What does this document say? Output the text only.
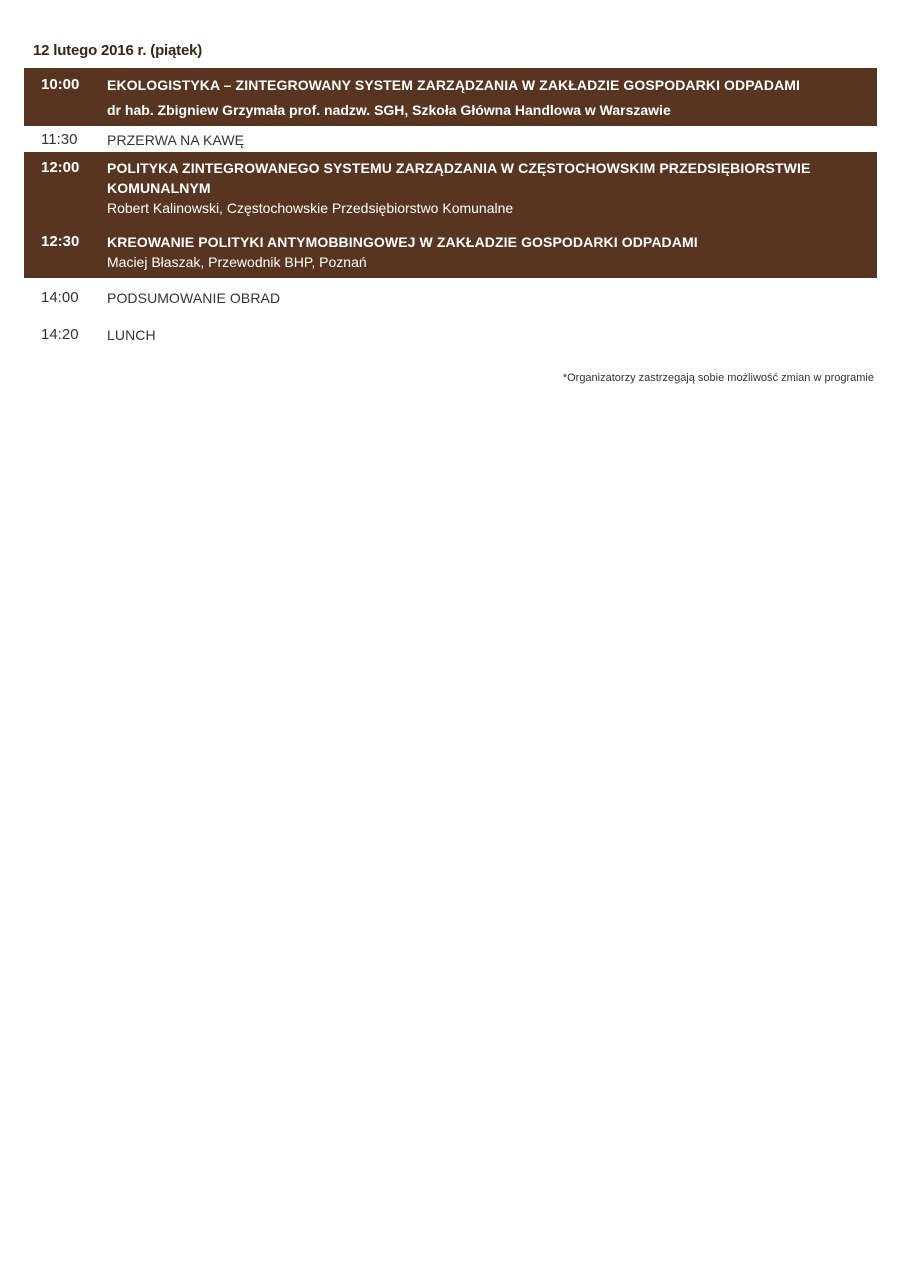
12 lutego 2016 r. (piątek)
10:00	EKOLOGISTYKA – ZINTEGROWANY SYSTEM ZARZĄDZANIA W ZAKŁADZIE GOSPODARKI ODPADAMI
dr hab. Zbigniew Grzymała prof. nadzw. SGH, Szkoła Główna Handlowa w Warszawie
11:30	PRZERWA NA KAWĘ
12:00	POLITYKA ZINTEGROWANEGO SYSTEMU ZARZĄDZANIA W CZĘSTOCHOWSKIM PRZEDSIĘBIORSTWIE KOMUNALNYM
Robert Kalinowski, Częstochowskie Przedsiębiorstwo Komunalne
12:30	KREOWANIE POLITYKI ANTYMOBBINGOWEJ W ZAKŁADZIE GOSPODARKI ODPADAMI
Maciej Błaszak, Przewodnik BHP, Poznań
14:00	PODSUMOWANIE OBRAD
14:20	LUNCH
*Organizatorzy zastrzegają sobie możliwość zmian w programie
